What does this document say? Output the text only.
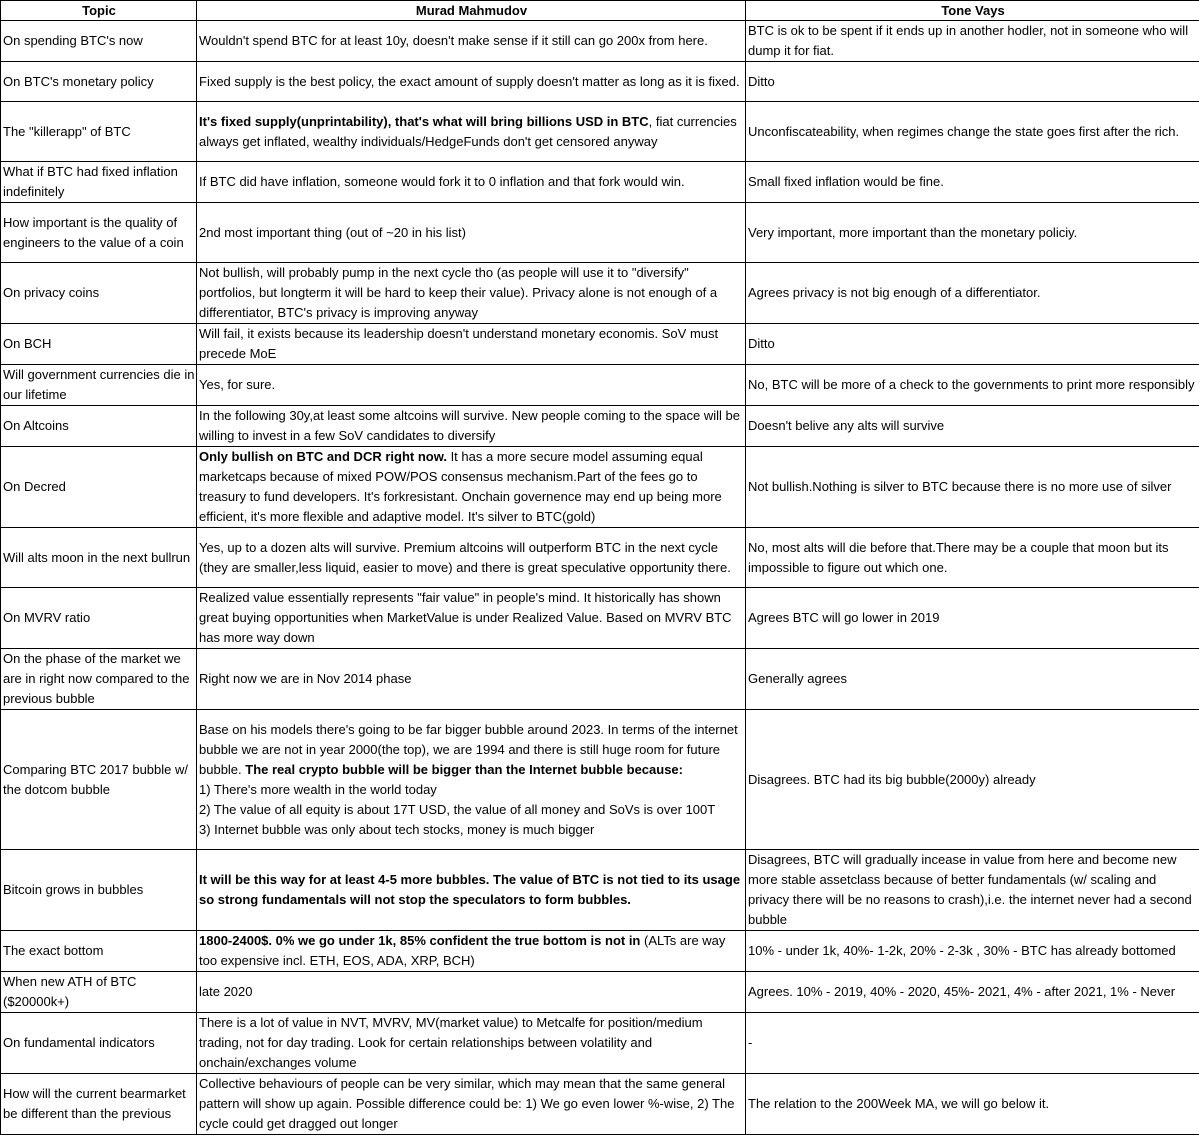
Topic	Murad Mahmudov	Tone Vays
On spending BTC's now	Wouldn't spend BTC for at least 10y, doesn't make sense if it still can go 200x from here.	BTC is ok to be spent if it ends up in another hodler, not in someone who will dump it for fiat.
On BTC's monetary policy	Fixed supply is the best policy, the exact amount of supply doesn't matter as long as it is fixed.	Ditto
The "killerapp" of BTC	It's fixed supply(unprintability), that's what will bring billions USD in BTC, fiat currencies always get inflated, wealthy individuals/HedgeFunds don't get censored anyway	Unconfiscateability, when regimes change the state goes first after the rich.
What if BTC had fixed inflation indefinitely	If BTC did have inflation, someone would fork it to 0 inflation and that fork would win.	Small fixed inflation would be fine.
How important is the quality of engineers to the value of a coin	2nd most important thing (out of ~20 in his list)	Very important, more important than the monetary policiy.
On privacy coins	Not bullish, will probably pump in the next cycle tho (as people will use it to "diversify" portfolios, but longterm it will be hard to keep their value). Privacy alone is not enough of a differentiator, BTC's privacy is improving anyway	Agrees privacy is not big enough of a differentiator.
On BCH	Will fail, it exists because its leadership doesn't understand monetary economis. SoV must precede MoE	Ditto
Will government currencies die in our lifetime	Yes, for sure.	No, BTC will be more of a check to the governments to print more responsibly
On Altcoins	In the following 30y,at least some altcoins will survive. New people coming to the space will be willing to invest in a few SoV candidates to diversify	Doesn't belive any alts will survive
On Decred	Only bullish on BTC and DCR right now. It has a more secure model assuming equal marketcaps because of mixed POW/POS consensus mechanism.Part of the fees go to treasury to fund developers. It's forkresistant. Onchain governence may end up being more efficient, it's more flexible and adaptive model. It's silver to BTC(gold)	Not bullish.Nothing is silver to BTC because there is no more use of silver
Will alts moon in the next bullrun	Yes, up to a dozen alts will survive. Premium altcoins will outperform BTC in the next cycle (they are smaller,less liquid, easier to move) and there is great speculative opportunity there.	No, most alts will die before that.There may be a couple that moon but its impossible to figure out which one.
On MVRV ratio	Realized value essentially represents "fair value" in people's mind. It historically has shown great buying opportunities when MarketValue is under Realized Value. Based on MVRV BTC has more way down	Agrees BTC will go lower in 2019
On the phase of the market we are in right now compared to the previous bubble	Right now we are in Nov 2014 phase	Generally agrees
Comparing BTC 2017 bubble w/ the dotcom bubble	Base on his models there's going to be far bigger bubble around 2023. In terms of the internet bubble we are not in year 2000(the top), we are 1994 and there is still huge room for future bubble. The real crypto bubble will be bigger than the Internet bubble because:
1) There's more wealth in the world today
2) The value of all equity is about 17T USD, the value of all money and SoVs is over 100T
3) Internet bubble was only about tech stocks, money is much bigger	Disagrees. BTC had its big bubble(2000y) already
Bitcoin grows in bubbles	It will be this way for at least 4-5 more bubbles. The value of BTC is not tied to its usage so strong fundamentals will not stop the speculators to form bubbles.	Disagrees, BTC will gradually incease in value from here and become new more stable assetclass because of better fundamentals (w/ scaling and privacy there will be no reasons to crash),i.e. the internet never had a second bubble
The exact bottom	1800-2400$. 0% we go under 1k, 85% confident the true bottom is not in (ALTs are way too expensive incl. ETH, EOS, ADA, XRP, BCH)	10% - under 1k, 40%- 1-2k, 20% - 2-3k , 30% - BTC has already bottomed
When new ATH of BTC ($20000k+)	late 2020	Agrees. 10% - 2019, 40% - 2020, 45%- 2021, 4% - after 2021, 1% - Never
On fundamental indicators	There is a lot of value in NVT, MVRV, MV(market value) to Metcalfe for position/medium trading, not for day trading. Look for certain relationships between volatility and onchain/exchanges volume	-
How will the current bearmarket be different than the previous	Collective behaviours of people can be very similar, which may mean that the same general pattern will show up again. Possible difference could be: 1) We go even lower %-wise, 2) The cycle could get dragged out longer	The relation to the 200Week MA, we will go below it.
